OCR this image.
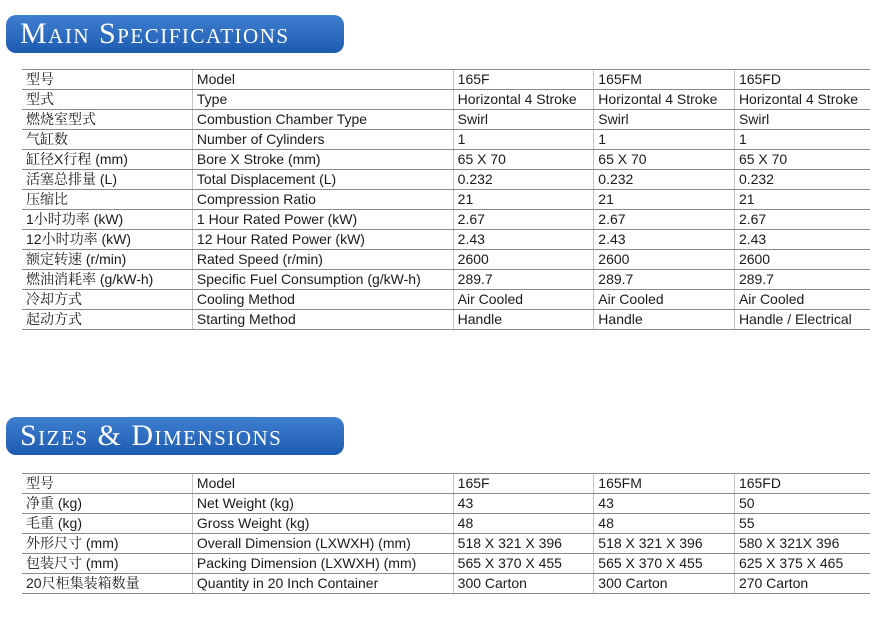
Main Specifications
型号	Model	165F	165FM	165FD
型式	Type	Horizontal 4 Stroke	Horizontal 4 Stroke	Horizontal 4 Stroke
燃烧室型式	Combustion Chamber Type	Swirl	Swirl	Swirl
气缸数	Number of Cylinders	1	1	1
缸径X行程 (mm)	Bore X Stroke (mm)	65 X 70	65 X 70	65 X 70
活塞总排量 (L)	Total Displacement (L)	0.232	0.232	0.232
压缩比	Compression Ratio	21	21	21
1小时功率 (kW)	1 Hour Rated Power (kW)	2.67	2.67	2.67
12小时功率 (kW)	12 Hour Rated Power (kW)	2.43	2.43	2.43
额定转速 (r/min)	Rated Speed (r/min)	2600	2600	2600
燃油消耗率 (g/kW-h)	Specific Fuel Consumption (g/kW-h)	289.7	289.7	289.7
冷却方式	Cooling Method	Air Cooled	Air Cooled	Air Cooled
起动方式	Starting Method	Handle	Handle	Handle / Electrical
Sizes & Dimensions
型号	Model	165F	165FM	165FD
净重 (kg)	Net Weight (kg)	43	43	50
毛重 (kg)	Gross Weight (kg)	48	48	55
外形尺寸 (mm)	Overall Dimension (LXWXH) (mm)	518 X 321 X 396	518 X 321 X 396	580 X 321X 396
包装尺寸 (mm)	Packing Dimension (LXWXH) (mm)	565 X 370 X 455	565 X 370 X 455	625 X 375 X 465
20尺柜集装箱数量	Quantity in 20 Inch Container	300 Carton	300 Carton	270 Carton
